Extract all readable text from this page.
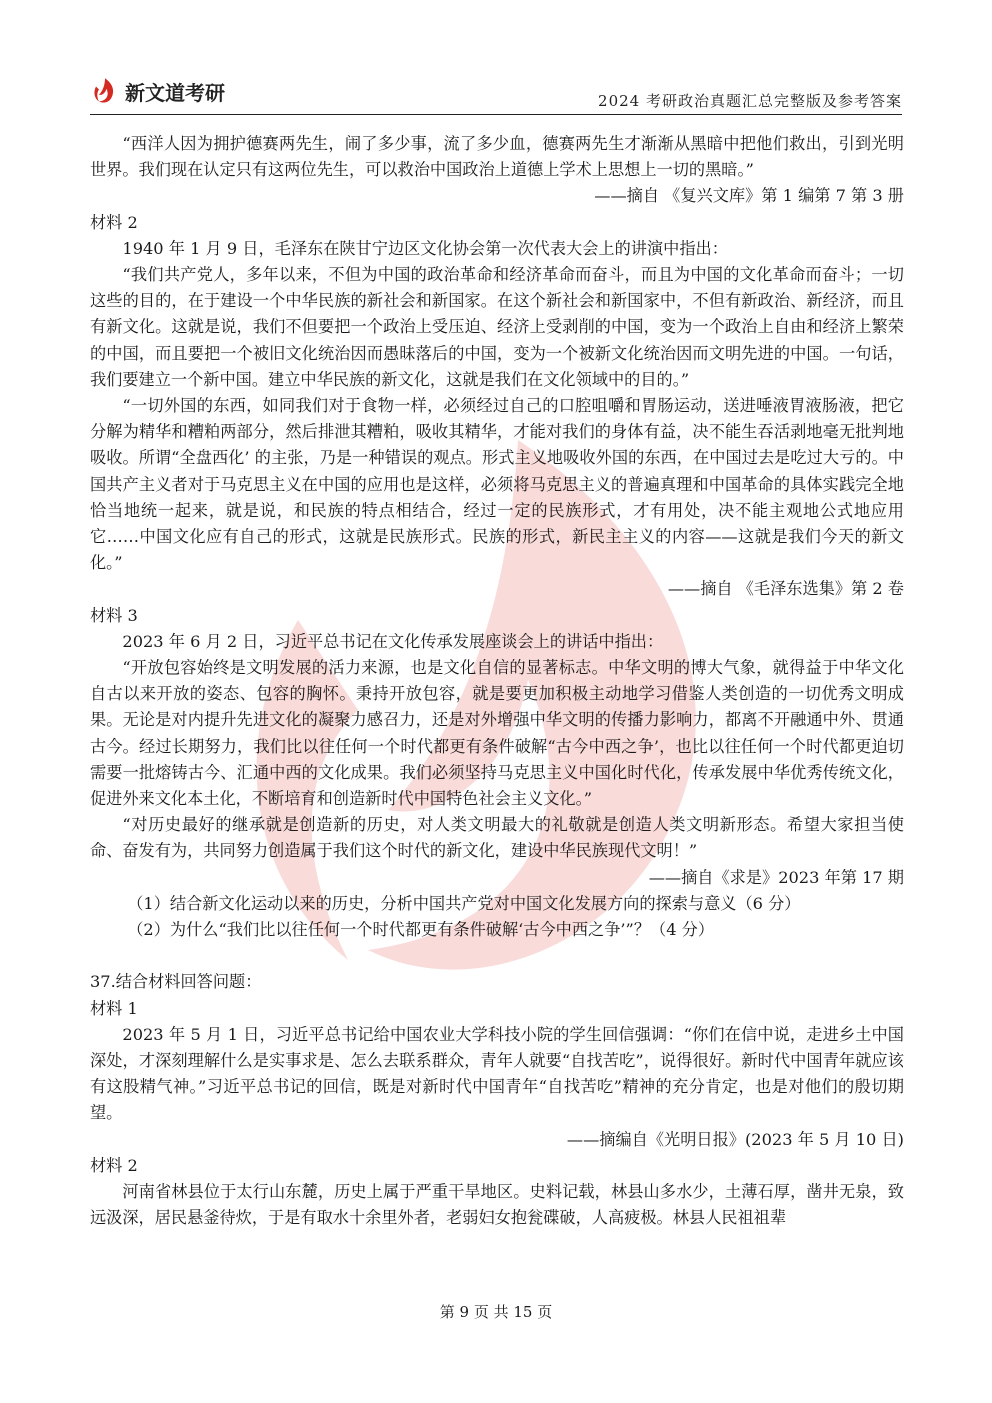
新文道考研	2024 考研政治真题汇总完整版及参考答案

“西洋人因为拥护德赛两先生，闹了多少事，流了多少血，德赛两先生才渐渐从黑暗中把他们救出，引到光明世界。我们现在认定只有这两位先生，可以救治中国政治上道德上学术上思想上一切的黑暗。”

——摘自 《复兴文库》第 1 编第 7 第 3 册

材料 2

1940 年 1 月 9 日，毛泽东在陕甘宁边区文化协会第一次代表大会上的讲演中指出：

“我们共产党人，多年以来，不但为中国的政治革命和经济革命而奋斗，而且为中国的文化革命而奋斗；一切这些的目的，在于建设一个中华民族的新社会和新国家。在这个新社会和新国家中，不但有新政治、新经济，而且有新文化。这就是说，我们不但要把一个政治上受压迫、经济上受剥削的中国，变为一个政治上自由和经济上繁荣的中国，而且要把一个被旧文化统治因而愚昧落后的中国，变为一个被新文化统治因而文明先进的中国。一句话，我们要建立一个新中国。建立中华民族的新文化，这就是我们在文化领域中的目的。”

“一切外国的东西，如同我们对于食物一样，必须经过自己的口腔咀嚼和胃肠运动，送进唾液胃液肠液，把它分解为精华和糟粕两部分，然后排泄其糟粕，吸收其精华，才能对我们的身体有益，决不能生吞活剥地毫无批判地吸收。所谓“全盘西化’ 的主张，乃是一种错误的观点。形式主义地吸收外国的东西，在中国过去是吃过大亏的。中国共产主义者对于马克思主义在中国的应用也是这样，必须将马克思主义的普遍真理和中国革命的具体实践完全地恰当地统一起来，就是说，和民族的特点相结合，经过一定的民族形式，才有用处，决不能主观地公式地应用它……中国文化应有自己的形式，这就是民族形式。民族的形式，新民主主义的内容——这就是我们今天的新文化。”

——摘自 《毛泽东选集》第 2 卷

材料 3

2023 年 6 月 2 日，习近平总书记在文化传承发展座谈会上的讲话中指出：

“开放包容始终是文明发展的活力来源，也是文化自信的显著标志。中华文明的博大气象，就得益于中华文化自古以来开放的姿态、包容的胸怀。秉持开放包容，就是要更加积极主动地学习借鉴人类创造的一切优秀文明成果。无论是对内提升先进文化的凝聚力感召力，还是对外增强中华文明的传播力影响力，都离不开融通中外、贯通古今。经过长期努力，我们比以往任何一个时代都更有条件破解“古今中西之争’，也比以往任何一个时代都更迫切需要一批熔铸古今、汇通中西的文化成果。我们必须坚持马克思主义中国化时代化，传承发展中华优秀传统文化，促进外来文化本土化，不断培育和创造新时代中国特色社会主义文化。”

“对历史最好的继承就是创造新的历史，对人类文明最大的礼敬就是创造人类文明新形态。希望大家担当使命、奋发有为，共同努力创造属于我们这个时代的新文化，建设中华民族现代文明！”

——摘自《求是》2023 年第 17 期

（1）结合新文化运动以来的历史，分析中国共产党对中国文化发展方向的探索与意义（6 分）

（2）为什么“我们比以往任何一个时代都更有条件破解‘古今中西之争’”？（4 分）

37.结合材料回答问题：

材料 1

2023 年 5 月 1 日，习近平总书记给中国农业大学科技小院的学生回信强调：“你们在信中说，走进乡土中国深处，才深刻理解什么是实事求是、怎么去联系群众，青年人就要“自找苦吃”，说得很好。新时代中国青年就应该有这股精气神。”习近平总书记的回信，既是对新时代中国青年“自找苦吃”精神的充分肯定，也是对他们的殷切期望。

——摘编自《光明日报》(2023 年 5 月 10 日)

材料 2

河南省林县位于太行山东麓，历史上属于严重干旱地区。史料记载，林县山多水少，土薄石厚，凿井无泉，致远汲深，居民悬釜待炊，于是有取水十余里外者，老弱妇女抱瓮碟破，人高疲极。林县人民祖祖辈

第 9 页 共 15 页
